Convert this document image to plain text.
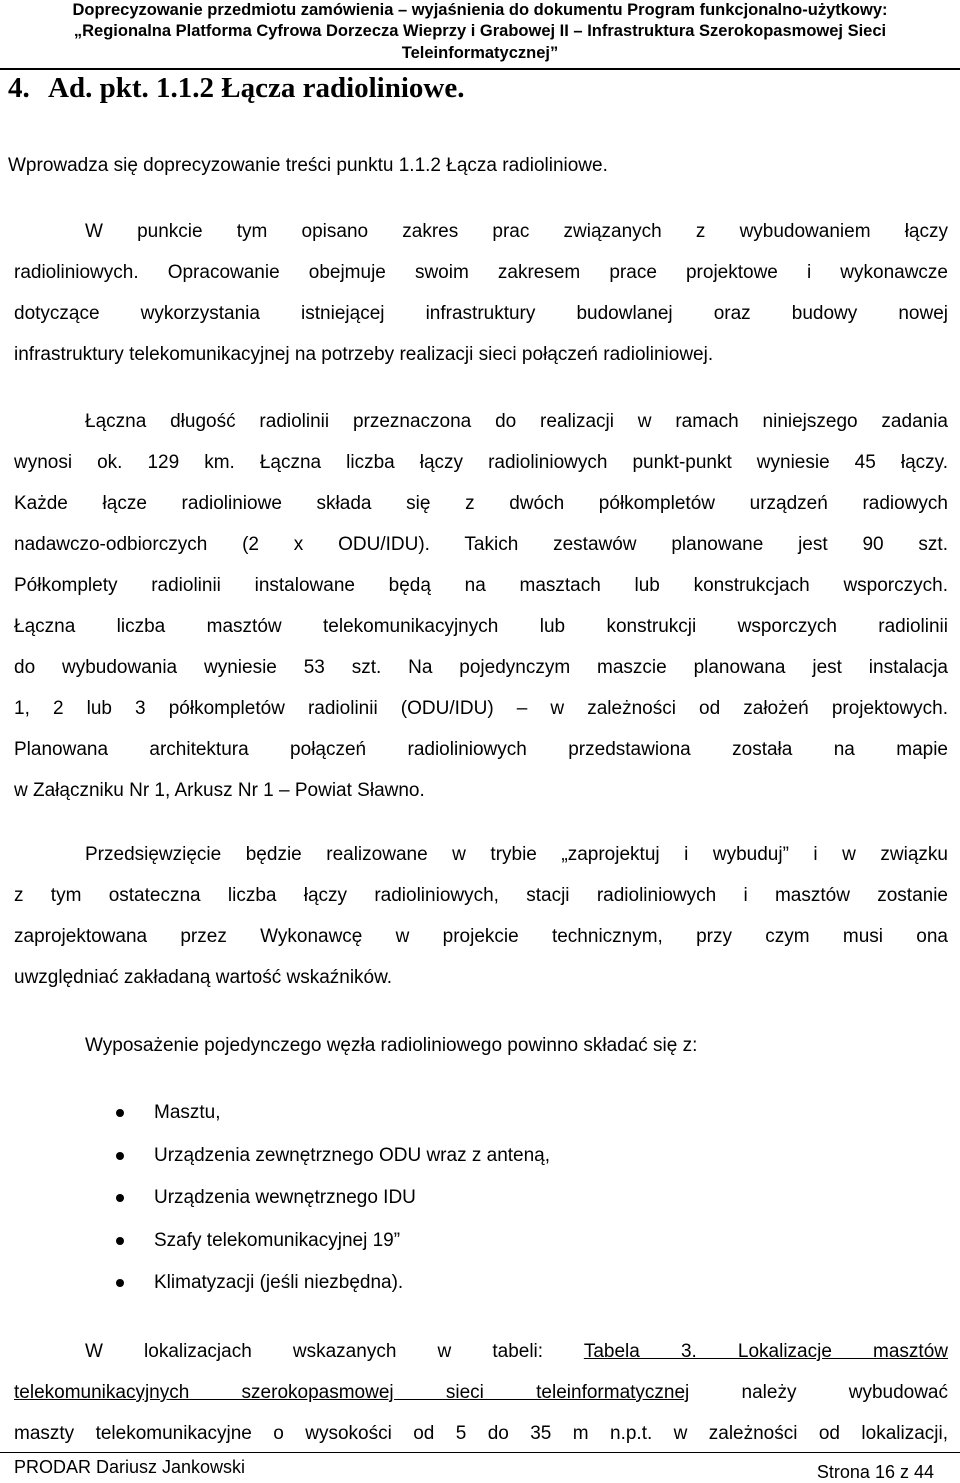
Doprecyzowanie przedmiotu zamówienia – wyjaśnienia do dokumentu Program funkcjonalno-użytkowy:
„Regionalna Platforma Cyfrowa Dorzecza Wieprzy i Grabowej II – Infrastruktura Szerokopasmowej Sieci
Teleinformatycznej”
4. Ad. pkt. 1.1.2 Łącza radioliniowe.
Wprowadza się doprecyzowanie treści punktu 1.1.2 Łącza radioliniowe.
W punkcie tym opisano zakres prac związanych z wybudowaniem łączy
radioliniowych. Opracowanie obejmuje swoim zakresem prace projektowe i wykonawcze
dotyczące wykorzystania istniejącej infrastruktury budowlanej oraz budowy nowej
infrastruktury telekomunikacyjnej na potrzeby realizacji sieci połączeń radioliniowej.
Łączna długość radiolinii przeznaczona do realizacji w ramach niniejszego zadania
wynosi ok. 129 km. Łączna liczba łączy radioliniowych punkt-punkt wyniesie 45 łączy.
Każde łącze radioliniowe składa się z dwóch półkompletów urządzeń radiowych
nadawczo-odbiorczych (2 x ODU/IDU). Takich zestawów planowane jest 90 szt.
Półkomplety radiolinii instalowane będą na masztach lub konstrukcjach wsporczych.
Łączna liczba masztów telekomunikacyjnych lub konstrukcji wsporczych radiolinii
do wybudowania wyniesie 53 szt. Na pojedynczym maszcie planowana jest instalacja
1, 2 lub 3 półkompletów radiolinii (ODU/IDU) – w zależności od założeń projektowych.
Planowana architektura połączeń radioliniowych przedstawiona została na mapie
w Załączniku Nr 1, Arkusz Nr 1 – Powiat Sławno.
Przedsięwzięcie będzie realizowane w trybie „zaprojektuj i wybuduj” i w związku
z tym ostateczna liczba łączy radioliniowych, stacji radioliniowych i masztów zostanie
zaprojektowana przez Wykonawcę w projekcie technicznym, przy czym musi ona
uwzględniać zakładaną wartość wskaźników.
Wyposażenie pojedynczego węzła radioliniowego powinno składać się z:
Masztu,
Urządzenia zewnętrznego ODU wraz z anteną,
Urządzenia wewnętrznego IDU
Szafy telekomunikacyjnej 19”
Klimatyzacji (jeśli niezbędna).
W lokalizacjach wskazanych w tabeli: Tabela 3. Lokalizacje masztów
telekomunikacyjnych szerokopasmowej sieci teleinformatycznej należy wybudować
maszty telekomunikacyjne o wysokości od 5 do 35 m n.p.t. w zależności od lokalizacji,
PRODAR Dariusz Jankowski	Strona 16 z 44
